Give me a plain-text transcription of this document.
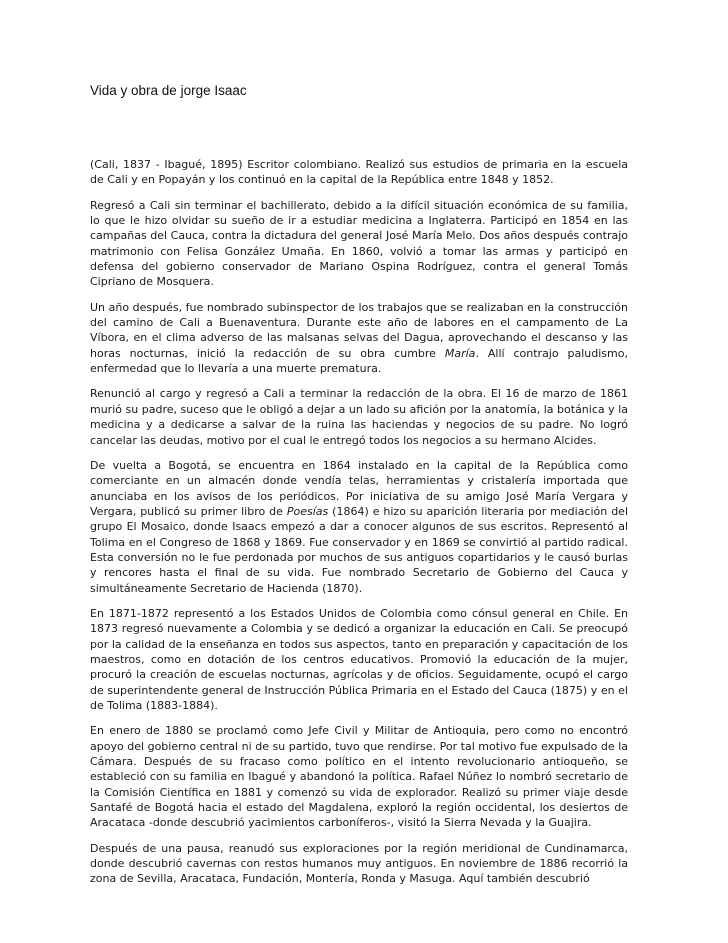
Vida y obra de jorge Isaac

(Cali, 1837 - Ibagué, 1895) Escritor colombiano. Realizó sus estudios de primaria en la escuela de Cali y en Popayán y los continuó en la capital de la República entre 1848 y 1852.

Regresó a Cali sin terminar el bachillerato, debido a la difícil situación económica de su familia, lo que le hizo olvidar su sueño de ir a estudiar medicina a Inglaterra. Participó en 1854 en las campañas del Cauca, contra la dictadura del general José María Melo. Dos años después contrajo matrimonio con Felisa González Umaña. En 1860, volvió a tomar las armas y participó en defensa del gobierno conservador de Mariano Ospina Rodríguez, contra el general Tomás Cipriano de Mosquera.

Un año después, fue nombrado subinspector de los trabajos que se realizaban en la construcción del camino de Cali a Buenaventura. Durante este año de labores en el campamento de La Víbora, en el clima adverso de las malsanas selvas del Dagua, aprovechando el descanso y las horas nocturnas, inició la redacción de su obra cumbre María. Allí contrajo paludismo, enfermedad que lo llevaría a una muerte prematura.

Renunció al cargo y regresó a Cali a terminar la redacción de la obra. El 16 de marzo de 1861 murió su padre, suceso que le obligó a dejar a un lado su afición por la anatomía, la botánica y la medicina y a dedicarse a salvar de la ruina las haciendas y negocios de su padre. No logró cancelar las deudas, motivo por el cual le entregó todos los negocios a su hermano Alcides.

De vuelta a Bogotá, se encuentra en 1864 instalado en la capital de la República como comerciante en un almacén donde vendía telas, herramientas y cristalería importada que anunciaba en los avisos de los periódicos. Por iniciativa de su amigo José María Vergara y Vergara, publicó su primer libro de Poesías (1864) e hizo su aparición literaria por mediación del grupo El Mosaico, donde Isaacs empezó a dar a conocer algunos de sus escritos. Representó al Tolima en el Congreso de 1868 y 1869. Fue conservador y en 1869 se convirtió al partido radical. Esta conversión no le fue perdonada por muchos de sus antiguos copartidarios y le causó burlas y rencores hasta el final de su vida. Fue nombrado Secretario de Gobierno del Cauca y simultáneamente Secretario de Hacienda (1870).

En 1871-1872 representó a los Estados Unidos de Colombia como cónsul general en Chile. En 1873 regresó nuevamente a Colombia y se dedicó a organizar la educación en Cali. Se preocupó por la calidad de la enseñanza en todos sus aspectos, tanto en preparación y capacitación de los maestros, como en dotación de los centros educativos. Promovió la educación de la mujer, procuró la creación de escuelas nocturnas, agrícolas y de oficios. Seguidamente, ocupó el cargo de superintendente general de Instrucción Pública Primaria en el Estado del Cauca (1875) y en el de Tolima (1883-1884).

En enero de 1880 se proclamó como Jefe Civil y Militar de Antioquia, pero como no encontró apoyo del gobierno central ni de su partido, tuvo que rendirse. Por tal motivo fue expulsado de la Cámara. Después de su fracaso como político en el intento revolucionario antioqueño, se estableció con su familia en Ibagué y abandonó la política. Rafael Núñez lo nombró secretario de la Comisión Científica en 1881 y comenzó su vida de explorador. Realizó su primer viaje desde Santafé de Bogotá hacia el estado del Magdalena, exploró la región occidental, los desiertos de Aracataca -donde descubrió yacimientos carboníferos-, visitó la Sierra Nevada y la Guajira.

Después de una pausa, reanudó sus exploraciones por la región meridional de Cundinamarca, donde descubrió cavernas con restos humanos muy antiguos. En noviembre de 1886 recorrió la zona de Sevilla, Aracataca, Fundación, Montería, Ronda y Masuga. Aquí también descubrió
